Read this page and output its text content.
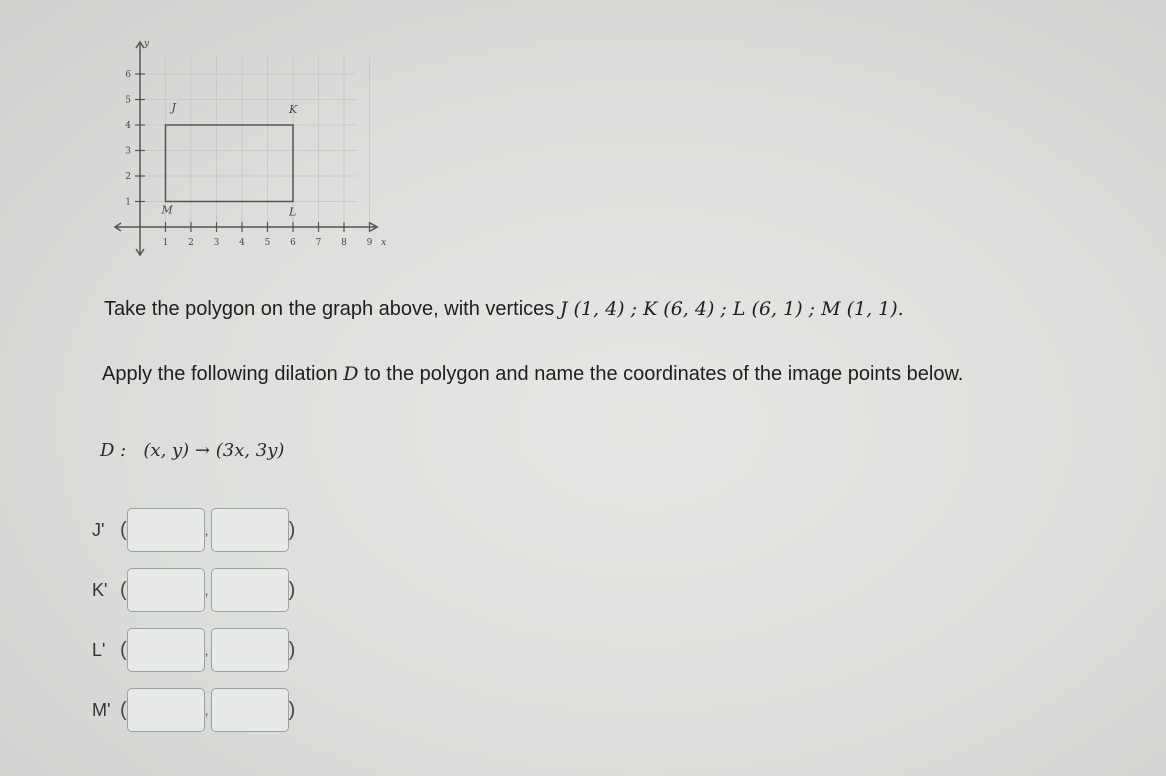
1 2 3 4 5 6 7 8 9
1
2
3
4
5
6
x
y
J	K
L
M
Take the polygon on the graph above, with vertices J (1, 4) ; K (6, 4) ; L (6, 1) ; M (1, 1).
Apply the following dilation D to the polygon and name the coordinates of the image points below.
D : (x, y) → (3x, 3y)
J' (	,	)
K' (	,	)
L' (	,	)
M' (	,	)
